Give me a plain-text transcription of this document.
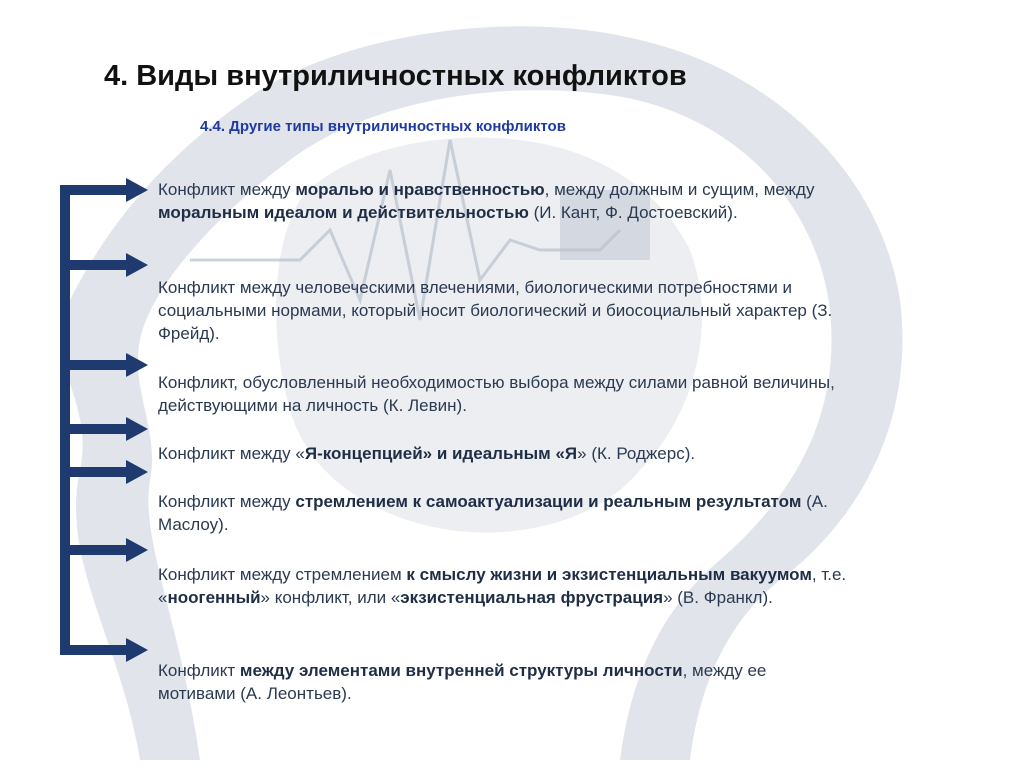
4. Виды внутриличностных конфликтов
4.4. Другие типы внутриличностных конфликтов
Конфликт между моралью и нравственностью, между должным и сущим, между моральным идеалом и действительностью (И. Кант, Ф. Достоевский).
Конфликт между человеческими влечениями, биологическими потребностями и социальными нормами, который носит биологический и биосоциальный характер (З. Фрейд).
Конфликт, обусловленный необходимостью выбора между силами равной величины, действующими на личность (К. Левин).
Конфликт между «Я-концепцией» и идеальным «Я» (К. Роджерс).
Конфликт между стремлением к самоактуализации и реальным результатом (А. Маслоу).
Конфликт между стремлением к смыслу жизни и экзистенциальным вакуумом, т.е. «ноогенный» конфликт, или «экзистенциальная фрустрация» (В. Франкл).
Конфликт между элементами внутренней структуры личности, между ее мотивами (А. Леонтьев).
